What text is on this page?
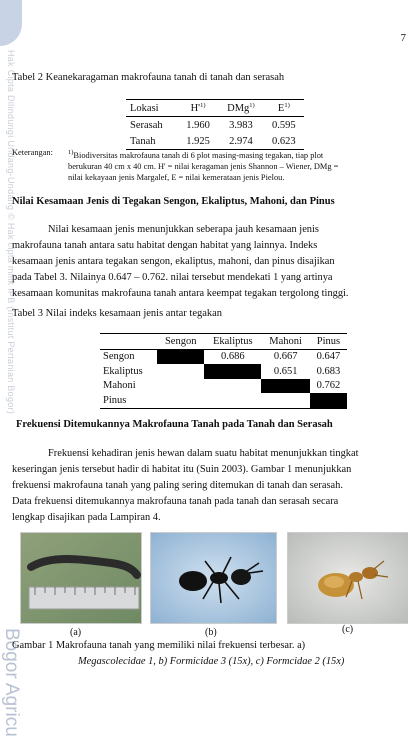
Hak Cipta Dilindungi Undang-Undang © Hak cipta milik IPB (Institut Pertanian Bogor)
Bogor Agricu
7
Tabel 2 Keanekaragaman makrofauna tanah di tanah dan serasah
Lokasi	$H'^{1)}$	DMg$^{1)}$	$E^{1)}$
Serasah	1.960	3.983	0.595
Tanah	1.925	2.974	0.623
Keterangan:	$^{1)}$Biodiversitas makrofauna tanah di 6 plot masing-masing tegakan, tiap plot
berukuran 40 cm x 40 cm. H' = nilai keragaman jenis Shannon – Wiener, DMg =
nilai kekayaan jenis Margalef, E = nilai kemerataan jenis Pielou.
Nilai Kesamaan Jenis di Tegakan Sengon, Ekaliptus, Mahoni, dan Pinus
Nilai kesamaan jenis menunjukkan seberapa jauh kesamaan jenis
makrofauna tanah antara satu habitat dengan habitat yang lainnya. Indeks
kesamaan jenis antara tegakan sengon, ekaliptus, mahoni, dan pinus disajikan
pada Tabel 3. Nilainya 0.647 – 0.762. nilai tersebut mendekati 1 yang artinya
kesamaan komunitas makrofauna tanah antara keempat tegakan tergolong tinggi.
Tabel 3 Nilai indeks kesamaan jenis antar tegakan
	Sengon	Ekaliptus	Mahoni	Pinus
Sengon		0.686	0.667	0.647
Ekaliptus			0.651	0.683
Mahoni				0.762
Pinus				
Frekuensi Ditemukannya Makrofauna Tanah pada Tanah dan Serasah
Frekuensi kehadiran jenis hewan dalam suatu habitat menunjukkan tingkat
keseringan jenis tersebut hadir di habitat itu (Suin 2003). Gambar 1 menunjukkan
frekuensi makrofauna tanah yang paling sering ditemukan di tanah dan serasah.
Data frekuensi ditemukannya makrofauna tanah pada tanah dan serasah secara
lengkap disajikan pada Lampiran 4.
(a)	(b)	(c)
Gambar 1 Makrofauna tanah yang memiliki nilai frekuensi terbesar. a)
Megascolecidae 1, b) Formicidae 3 (15x), c) Formcidae 2 (15x)
